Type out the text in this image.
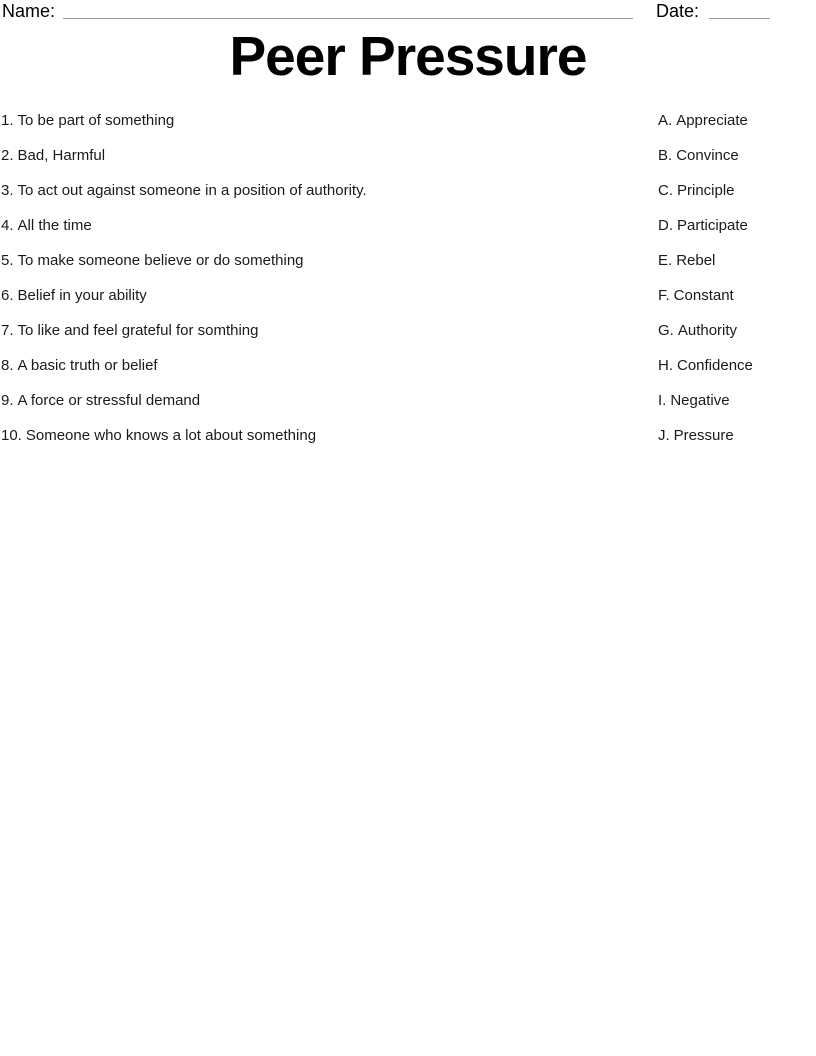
Name:	Date:
Peer Pressure
1. To be part of something
2. Bad, Harmful
3. To act out against someone in a position of authority.
4. All the time
5. To make someone believe or do something
6. Belief in your ability
7. To like and feel grateful for somthing
8. A basic truth or belief
9. A force or stressful demand
10. Someone who knows a lot about something
A. Appreciate
B. Convince
C. Principle
D. Participate
E. Rebel
F. Constant
G. Authority
H. Confidence
I. Negative
J. Pressure
